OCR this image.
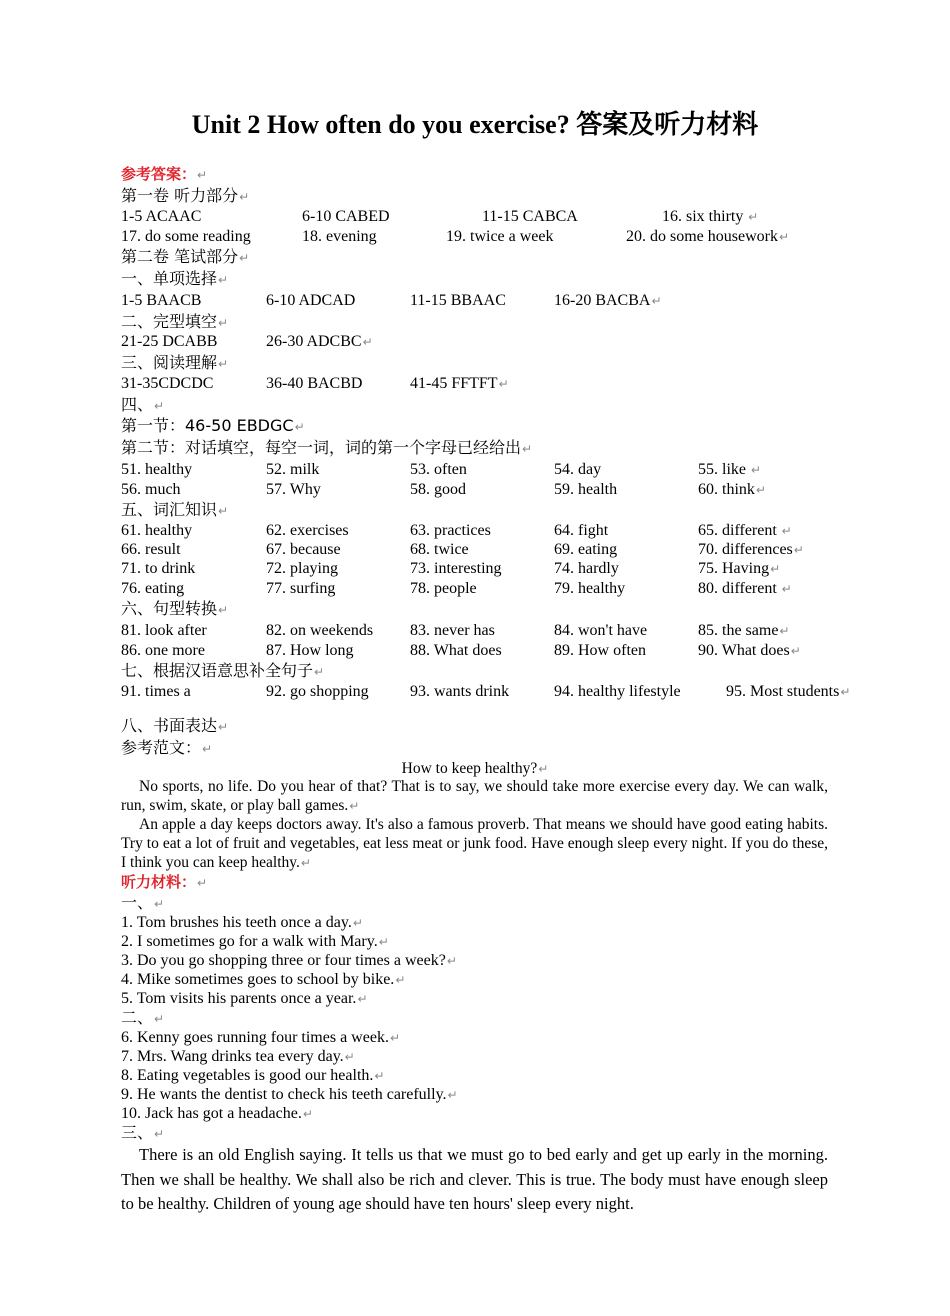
Unit 2 How often do you exercise? 答案及听力材料
参考答案：↵
第一卷 听力部分↵
1-5 ACAAC	6-10 CABED	11-15 CABCA	16. six thirty ↵
17. do some reading	18. evening	19. twice a week	20. do some housework↵
第二卷 笔试部分↵
一、单项选择↵
1-5 BAACB	6-10 ADCAD	11-15 BBAAC	16-20 BACBA↵
二、完型填空↵
21-25 DCABB	26-30 ADCBC↵
三、阅读理解↵
31-35CDCDC	36-40 BACBD	41-45 FFTFT↵
四、↵
第一节：46-50 EBDGC↵
第二节：对话填空，每空一词，词的第一个字母已经给出↵
51. healthy	52. milk	53. often	54. day	55. like ↵
56. much	57. Why	58. good	59. health	60. think↵
五、词汇知识↵
61. healthy	62. exercises	63. practices	64. fight	65. different ↵
66. result	67. because	68. twice	69. eating	70. differences↵
71. to drink	72. playing	73. interesting	74. hardly	75. Having↵
76. eating	77. surfing	78. people	79. healthy	80. different ↵
六、句型转换↵
81. look after	82. on weekends 83. never has	84. won't have	85. the same↵
86. one more	87. How long	88. What does	89. How often	90. What does↵
七、根据汉语意思补全句子↵
91. times a	92. go shopping	93. wants drink	94. healthy lifestyle	95. Most students↵
八、书面表达↵
参考范文：↵
How to keep healthy?↵
No sports, no life. Do you hear of that? That is to say, we should take more exercise every day. We can walk, run, swim, skate, or play ball games.↵
An apple a day keeps doctors away. It's also a famous proverb. That means we should have good eating habits. Try to eat a lot of fruit and vegetables, eat less meat or junk food. Have enough sleep every night. If you do these, I think you can keep healthy.↵
听力材料：↵
一、↵
1. Tom brushes his teeth once a day.↵
2. I sometimes go for a walk with Mary.↵
3. Do you go shopping three or four times a week?↵
4. Mike sometimes goes to school by bike.↵
5. Tom visits his parents once a year.↵
二、↵
6. Kenny goes running four times a week.↵
7. Mrs. Wang drinks tea every day.↵
8. Eating vegetables is good our health.↵
9. He wants the dentist to check his teeth carefully.↵
10. Jack has got a headache.↵
三、↵
There is an old English saying. It tells us that we must go to bed early and get up early in the morning. Then we shall be healthy. We shall also be rich and clever. This is true. The body must have enough sleep to be healthy. Children of young age should have ten hours' sleep every night.
